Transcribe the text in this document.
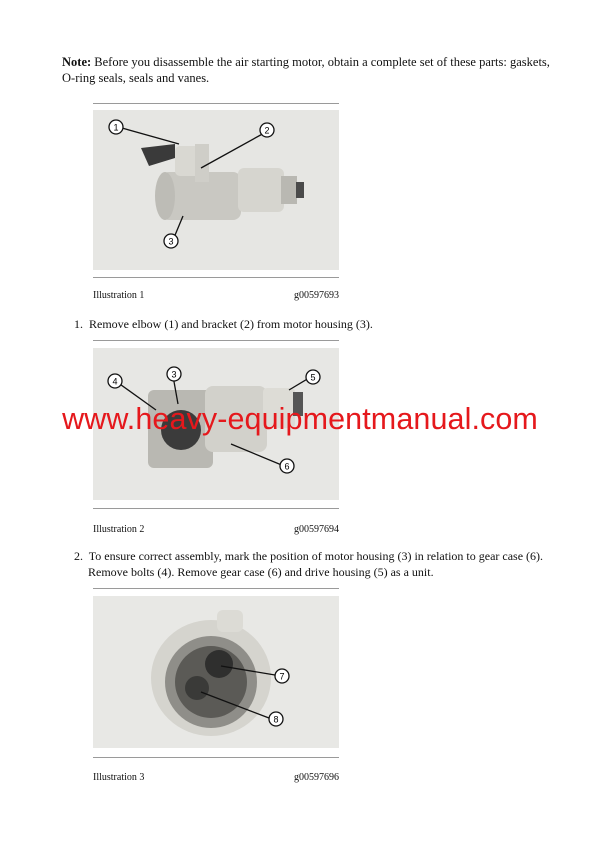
Note: Before you disassemble the air starting motor, obtain a complete set of these parts: gaskets, O-ring seals, seals and vanes.
1	2
3
Illustration 1	g00597693
1. Remove elbow (1) and bracket (2) from motor housing (3).
3
4	5
6
Illustration 2	g00597694
2. To ensure correct assembly, mark the position of motor housing (3) in relation to gear case (6). Remove bolts (4). Remove gear case (6) and drive housing (5) as a unit.
7
8
Illustration 3	g00597696
www.heavy-equipmentmanual.com
